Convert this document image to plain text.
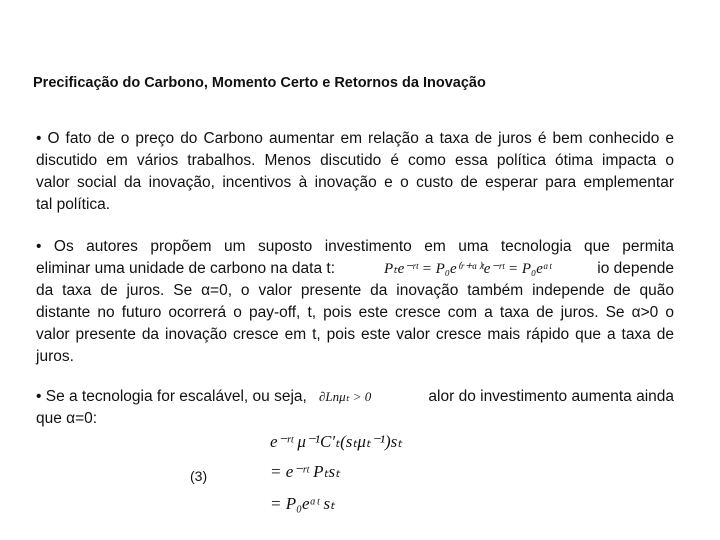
Precificação do Carbono, Momento Certo e Retornos da Inovação
• O fato de o preço do Carbono aumentar em relação a taxa de juros é bem conhecido e
discutido em vários trabalhos. Menos discutido é como essa política ótima impacta o
valor social da inovação, incentivos à inovação e o custo de esperar para emplementar
tal política.
• Os autores propõem um suposto investimento em uma tecnologia que permita
eliminar uma unidade de carbono na data t:	io depende
da taxa de juros. Se α=0, o valor presente da inovação também independe de quão
distante no futuro ocorrerá o pay-off, t, pois este cresce com a taxa de juros. Se α>0 o
valor presente da inovação cresce em t, pois este valor cresce mais rápido que a taxa de
juros.
Pₜe⁻ʳᵗ = P₀e⁽ʳ⁺ᵅ⁾ᵗe⁻ʳᵗ = P₀eᵅᵗ
• Se a tecnologia for escalável, ou seja, ∂Lnμₜ > 0	alor do investimento aumenta ainda
que α=0:
e⁻ʳᵗ μ⁻¹C′ₜ(sₜμₜ⁻¹)sₜ
= e⁻ʳᵗ Pₜsₜ
= P₀eᵅᵗ sₜ
(3)
